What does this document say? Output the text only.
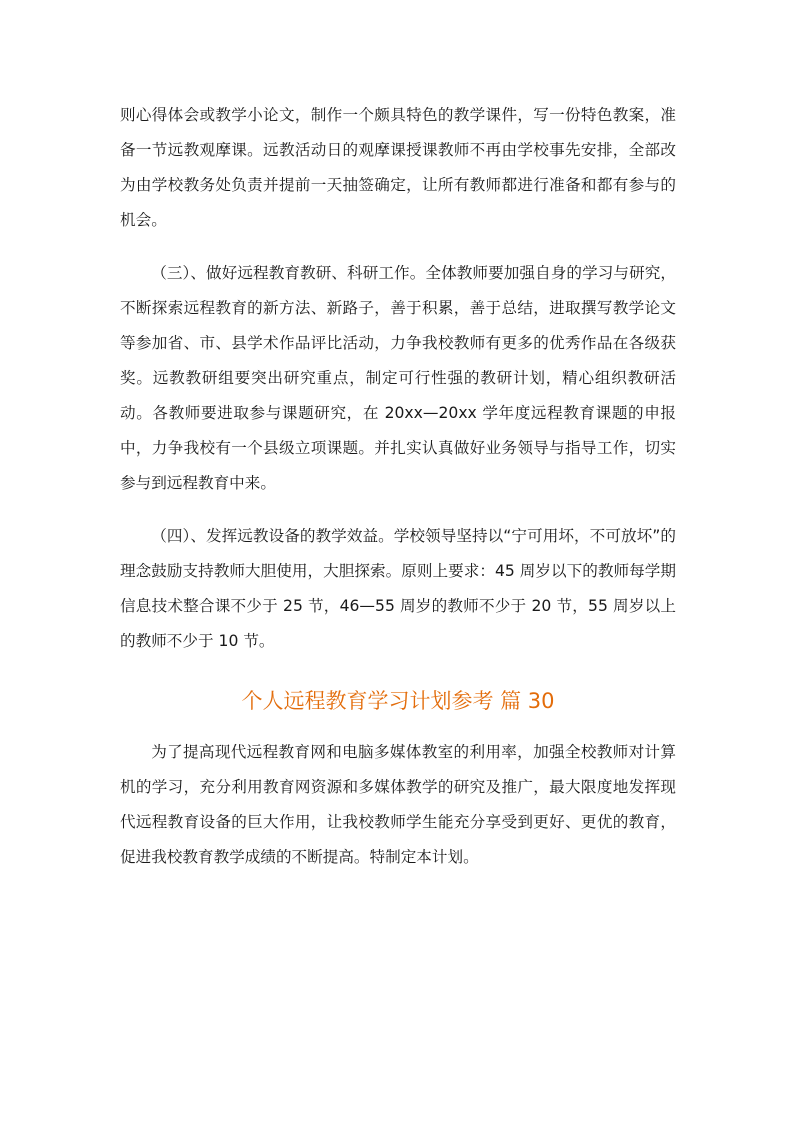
则心得体会或教学小论文，制作一个颇具特色的教学课件，写一份特色教案，准备一节远教观摩课。远教活动日的观摩课授课教师不再由学校事先安排，全部改为由学校教务处负责并提前一天抽签确定，让所有教师都进行准备和都有参与的机会。

（三）、做好远程教育教研、科研工作。全体教师要加强自身的学习与研究，不断探索远程教育的新方法、新路子，善于积累，善于总结，进取撰写教学论文等参加省、市、县学术作品评比活动，力争我校教师有更多的优秀作品在各级获奖。远教教研组要突出研究重点，制定可行性强的教研计划，精心组织教研活动。各教师要进取参与课题研究，在 20xx—20xx 学年度远程教育课题的申报中，力争我校有一个县级立项课题。并扎实认真做好业务领导与指导工作，切实参与到远程教育中来。

（四）、发挥远教设备的教学效益。学校领导坚持以“宁可用坏，不可放坏”的理念鼓励支持教师大胆使用，大胆探索。原则上要求：45 周岁以下的教师每学期信息技术整合课不少于 25 节，46—55 周岁的教师不少于 20 节，55 周岁以上的教师不少于 10 节。

个人远程教育学习计划参考 篇 30

为了提高现代远程教育网和电脑多媒体教室的利用率，加强全校教师对计算机的学习，充分利用教育网资源和多媒体教学的研究及推广，最大限度地发挥现代远程教育设备的巨大作用，让我校教师学生能充分享受到更好、更优的教育，促进我校教育教学成绩的不断提高。特制定本计划。
